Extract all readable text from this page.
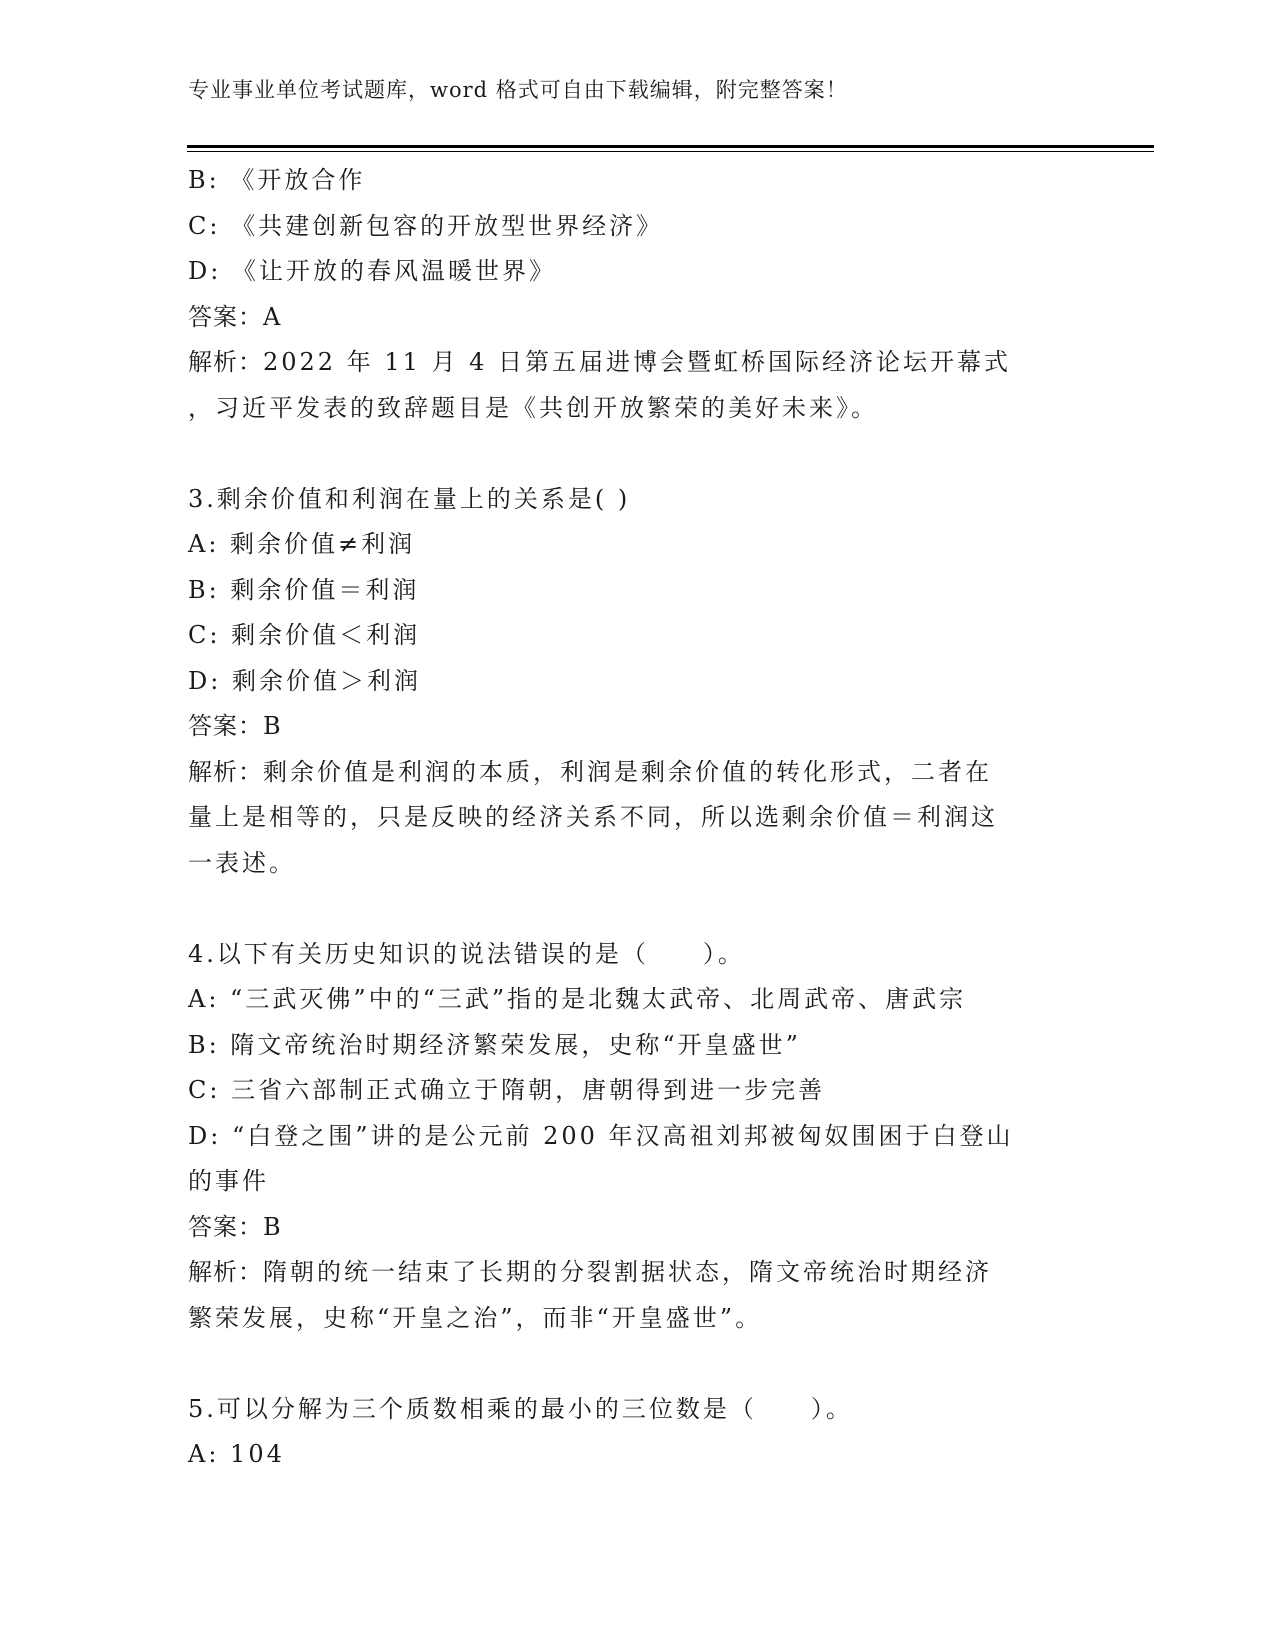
专业事业单位考试题库，word 格式可自由下载编辑，附完整答案！
B: 《开放合作
C: 《共建创新包容的开放型世界经济》
D: 《让开放的春风温暖世界》
答案：A
解析：2022 年 11 月 4 日第五届进博会暨虹桥国际经济论坛开幕式
，习近平发表的致辞题目是《共创开放繁荣的美好未来》。
3.剩余价值和利润在量上的关系是( )
A: 剩余价值≠利润
B: 剩余价值＝利润
C: 剩余价值＜利润
D: 剩余价值＞利润
答案：B
解析：剩余价值是利润的本质，利润是剩余价值的转化形式，二者在
量上是相等的，只是反映的经济关系不同，所以选剩余价值＝利润这
一表述。
4.以下有关历史知识的说法错误的是（　　）。
A: “三武灭佛”中的“三武”指的是北魏太武帝、北周武帝、唐武宗
B: 隋文帝统治时期经济繁荣发展，史称“开皇盛世”
C: 三省六部制正式确立于隋朝，唐朝得到进一步完善
D: “白登之围”讲的是公元前 200 年汉高祖刘邦被匈奴围困于白登山
的事件
答案：B
解析：隋朝的统一结束了长期的分裂割据状态，隋文帝统治时期经济
繁荣发展，史称“开皇之治”，而非“开皇盛世”。
5.可以分解为三个质数相乘的最小的三位数是（　　）。
A: 104
